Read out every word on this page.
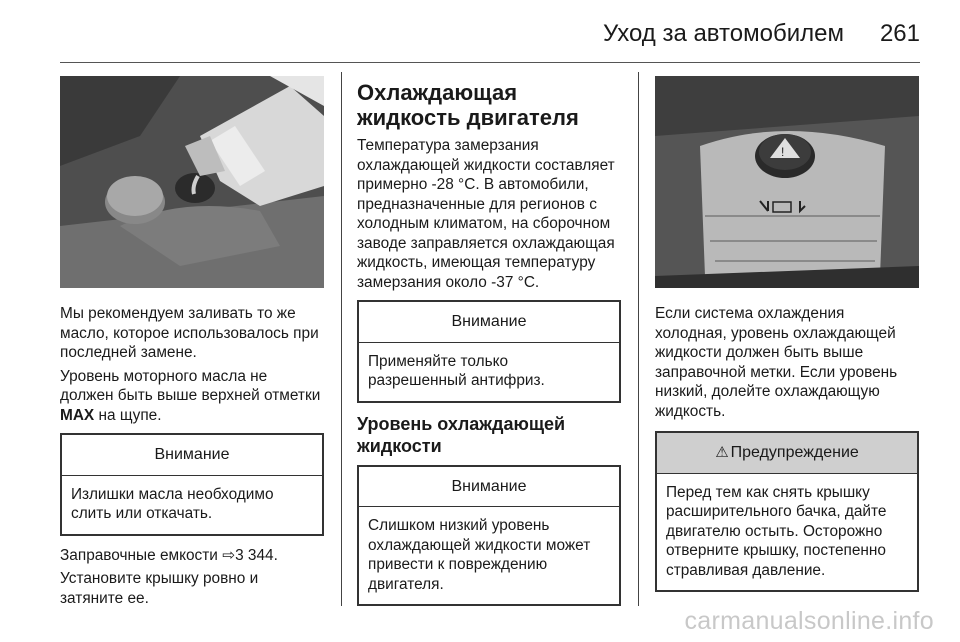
Уход за автомобилем 261

Мы рекомендуем заливать то же масло, которое использовалось при последней замене.

Уровень моторного масла не должен быть выше верхней отметки MAX на щупе.

Внимание
Излишки масла необходимо слить или откачать.

Заправочные емкости ⇨3 344.

Установите крышку ровно и затяните ее.

Охлаждающая жидкость двигателя

Температура замерзания охлаждающей жидкости составляет примерно -28 °C. В автомобили, предназначенные для регионов с холодным климатом, на сборочном заводе заправляется охлаждающая жидкость, имеющая температуру замерзания около -37 °C.

Внимание
Применяйте только разрешенный антифриз.
Уровень охлаждающей жидкости
Внимание
Слишком низкий уровень охлаждающей жидкости может привести к повреждению двигателя.
!

Если система охлаждения холодная, уровень охлаждающей жидкости должен быть выше заправочной метки. Если уровень низкий, долейте охлаждающую жидкость.

⚠ Предупреждение
Перед тем как снять крышку расширительного бачка, дайте двигателю остыть. Осторожно отверните крышку, постепенно стравливая давление.
carmanualsonline.info
